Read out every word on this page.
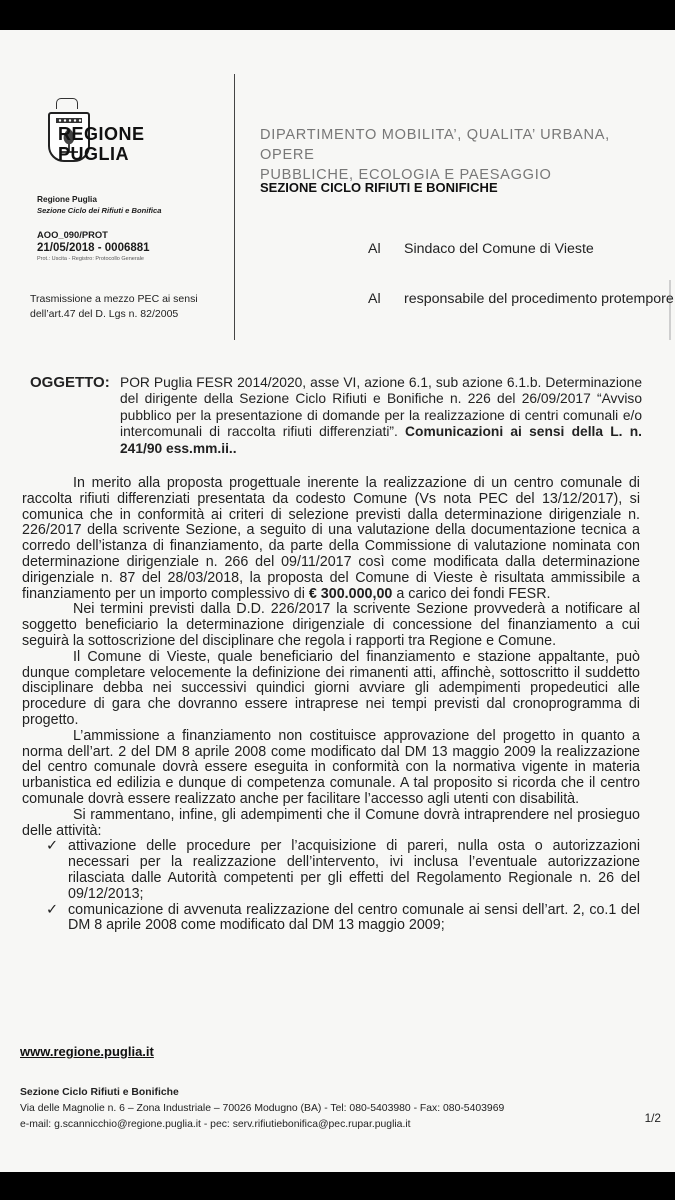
REGIONE
PUGLIA
DIPARTIMENTO MOBILITA’, QUALITA’ URBANA, OPERE
PUBBLICHE, ECOLOGIA E PAESAGGIO
SEZIONE CICLO RIFIUTI E BONIFICHE
Regione Puglia
Sezione Ciclo dei Rifiuti e Bonifica
AOO_090/PROT
21/05/2018 - 0006881
Prot.: Uscita - Registro: Protocollo Generale
Trasmissione a mezzo PEC ai sensi
dell’art.47 del D. Lgs n. 82/2005
Al	Sindaco del Comune di Vieste
Al	responsabile del procedimento protempore
OGGETTO: POR Puglia FESR 2014/2020, asse VI, azione 6.1, sub azione 6.1.b. Determinazione del dirigente della Sezione Ciclo Rifiuti e Bonifiche n. 226 del 26/09/2017 “Avviso pubblico per la presentazione di domande per la realizzazione di centri comunali e/o intercomunali di raccolta rifiuti differenziati”. Comunicazioni ai sensi della L. n. 241/90 ess.mm.ii..

In merito alla proposta progettuale inerente la realizzazione di un centro comunale di raccolta rifiuti differenziati presentata da codesto Comune (Vs nota PEC del 13/12/2017), si comunica che in conformità ai criteri di selezione previsti dalla determinazione dirigenziale n. 226/2017 della scrivente Sezione, a seguito di una valutazione della documentazione tecnica a corredo dell’istanza di finanziamento, da parte della Commissione di valutazione nominata con determinazione dirigenziale n. 266 del 09/11/2017 così come modificata dalla determinazione dirigenziale n. 87 del 28/03/2018, la proposta del Comune di Vieste è risultata ammissibile a finanziamento per un importo complessivo di € 300.000,00 a carico dei fondi FESR.

Nei termini previsti dalla D.D. 226/2017 la scrivente Sezione provvederà a notificare al soggetto beneficiario la determinazione dirigenziale di concessione del finanziamento a cui seguirà la sottoscrizione del disciplinare che regola i rapporti tra Regione e Comune.

Il Comune di Vieste, quale beneficiario del finanziamento e stazione appaltante, può dunque completare velocemente la definizione dei rimanenti atti, affinchè, sottoscritto il suddetto disciplinare debba nei successivi quindici giorni avviare gli adempimenti propedeutici alle procedure di gara che dovranno essere intraprese nei tempi previsti dal cronoprogramma di progetto.

L’ammissione a finanziamento non costituisce approvazione del progetto in quanto a norma dell’art. 2 del DM 8 aprile 2008 come modificato dal DM 13 maggio 2009 la realizzazione del centro comunale dovrà essere eseguita in conformità con la normativa vigente in materia urbanistica ed edilizia e dunque di competenza comunale. A tal proposito si ricorda che il centro comunale dovrà essere realizzato anche per facilitare l’accesso agli utenti con disabilità.

Si rammentano, infine, gli adempimenti che il Comune dovrà intraprendere nel prosieguo delle attività:

✓ attivazione delle procedure per l’acquisizione di pareri, nulla osta o autorizzazioni necessari per la realizzazione dell’intervento, ivi inclusa l’eventuale autorizzazione rilasciata dalle Autorità competenti per gli effetti del Regolamento Regionale n. 26 del 09/12/2013;
✓ comunicazione di avvenuta realizzazione del centro comunale ai sensi dell’art. 2, co.1 del DM 8 aprile 2008 come modificato dal DM 13 maggio 2009;
www.regione.puglia.it
Sezione Ciclo Rifiuti e Bonifiche
Via delle Magnolie n. 6 – Zona Industriale – 70026 Modugno (BA) - Tel: 080-5403980 - Fax: 080-5403969
e-mail: g.scannicchio@regione.puglia.it - pec: serv.rifiutiebonifica@pec.rupar.puglia.it	1/2
